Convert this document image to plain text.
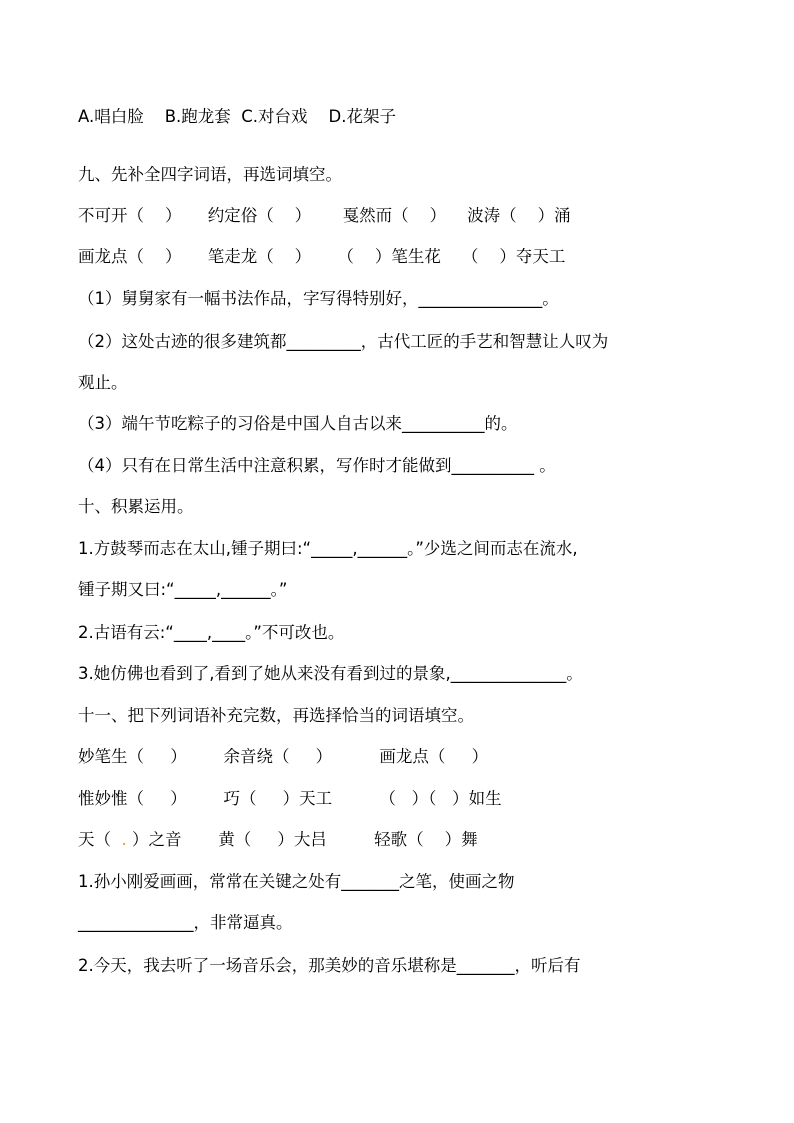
A.唱白脸    B.跑龙套  C.对台戏    D.花架子
九、先补全四字词语，再选词填空。
不可开（    ）     约定俗（    ）      戛然而（    ）    波涛（    ）涌
画龙点（    ）     笔走龙（    ）     （    ）笔生花    （    ）夺天工
（1）舅舅家有一幅书法作品，字写得特别好，_______________。
（2）这处古迹的很多建筑都_________，古代工匠的手艺和智慧让人叹为
观止。
（3）端午节吃粽子的习俗是中国人自古以来__________的。
（4）只有在日常生活中注意积累，写作时才能做到__________ 。
十、积累运用。
1.方鼓琴而志在太山,锺子期曰:“_____,______。”少选之间而志在流水,
锺子期又曰:“_____,______。”
2.古语有云:“____,____。”不可改也。
3.她仿佛也看到了,看到了她从来没有看到过的景象,______________。
十一、把下列词语补充完数，再选择恰当的词语填空。
妙笔生（     ）       余音绕（     ）         画龙点（     ）
惟妙惟（     ）       巧（     ）天工         （   ）（   ）如生
天（  . ）之音       黄（     ）大吕         轻歌（    ）舞
1.孙小刚爱画画，常常在关键之处有_______之笔，使画之物
______________，非常逼真。
2.今天，我去听了一场音乐会，那美妙的音乐堪称是_______，听后有
